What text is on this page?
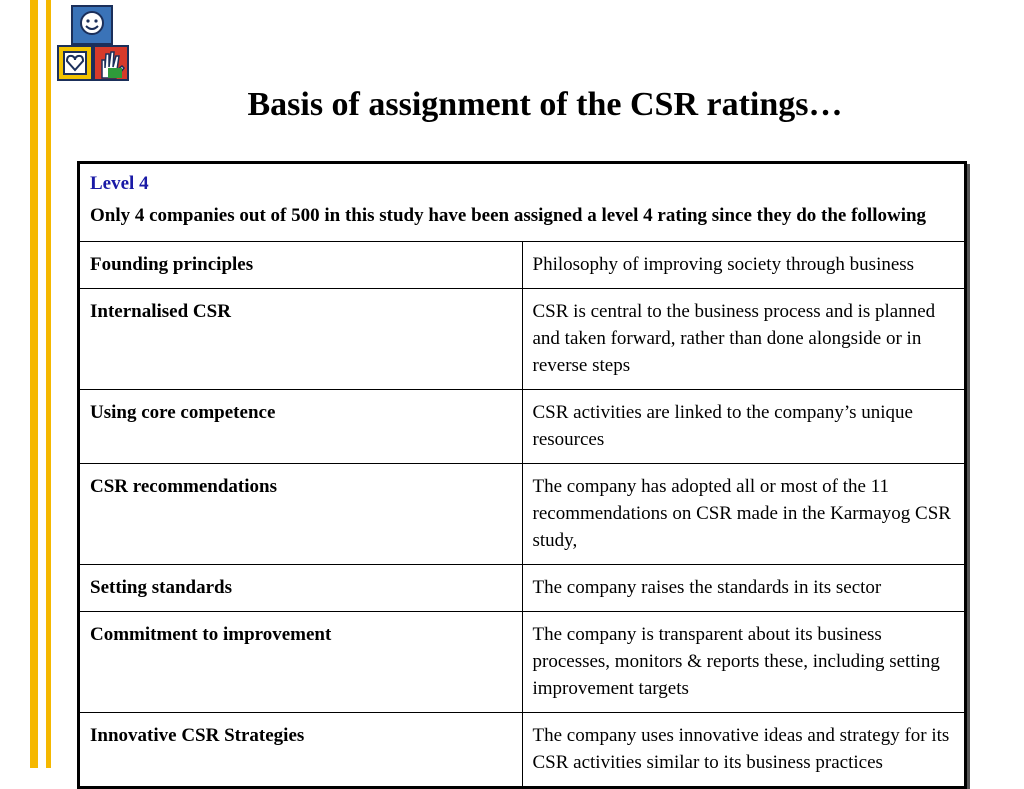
Basis of assignment of the CSR ratings…
Level 4
Only 4 companies out of 500 in this study have been assigned a level 4 rating since they do the following	

Founding principles	Philosophy of improving society through business
Internalised CSR	CSR is central to the business process and is planned and taken forward, rather than done alongside or in reverse steps
Using core competence	CSR activities are linked to the company’s unique resources
CSR recommendations	The company has adopted all or most of the 11 recommendations on CSR made in the Karmayog CSR study,
Setting standards	The company raises the standards in its sector
Commitment to improvement	The company is transparent about its business processes, monitors & reports these, including setting improvement targets
Innovative CSR Strategies	The company uses innovative ideas and strategy for its CSR activities similar to its business practices
